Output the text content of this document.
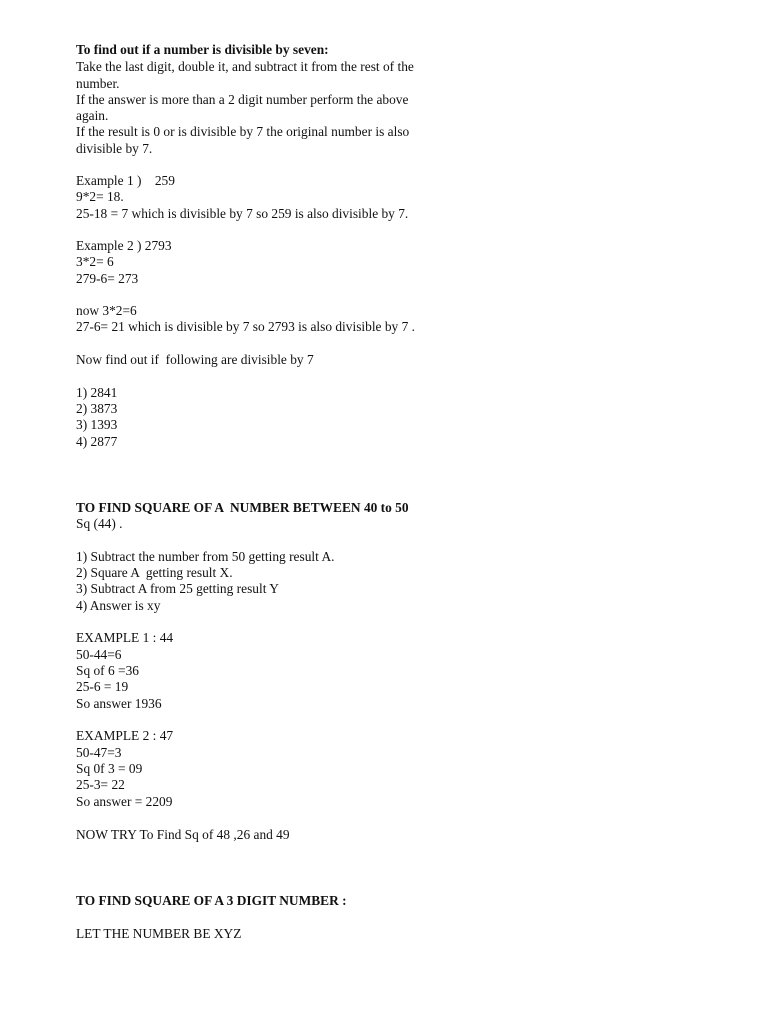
To find out if a number is divisible by seven:
Take the last digit, double it, and subtract it from the rest of the
number.
If the answer is more than a 2 digit number perform the above
again.
If the result is 0 or is divisible by 7 the original number is also
divisible by 7.
Example 1 )    259
9*2= 18.
25-18 = 7 which is divisible by 7 so 259 is also divisible by 7.
Example 2 ) 2793
3*2= 6
279-6= 273
now 3*2=6
27-6= 21 which is divisible by 7 so 2793 is also divisible by 7 .
Now find out if  following are divisible by 7
1) 2841
2) 3873
3) 1393
4) 2877
TO FIND SQUARE OF A  NUMBER BETWEEN 40 to 50
Sq (44) .
1) Subtract the number from 50 getting result A.
2) Square A  getting result X.
3) Subtract A from 25 getting result Y
4) Answer is xy
EXAMPLE 1 : 44
50-44=6
Sq of 6 =36
25-6 = 19
So answer 1936
EXAMPLE 2 : 47
50-47=3
Sq 0f 3 = 09
25-3= 22
So answer = 2209
NOW TRY To Find Sq of 48 ,26 and 49
TO FIND SQUARE OF A 3 DIGIT NUMBER :
LET THE NUMBER BE XYZ
